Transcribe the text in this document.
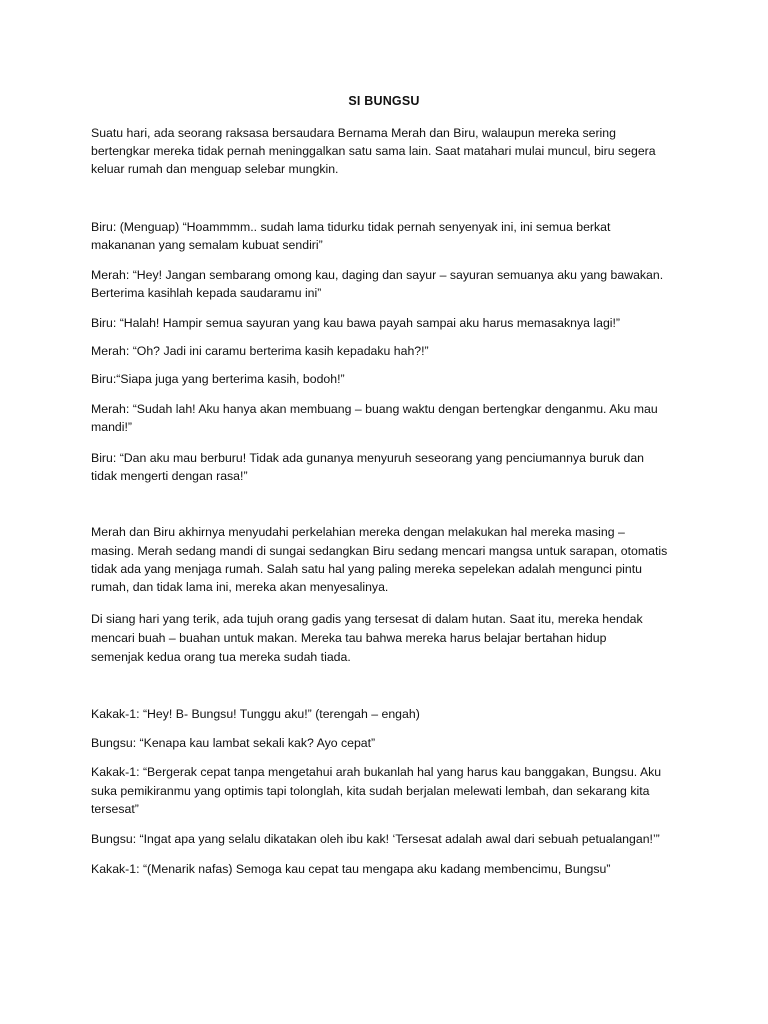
SI BUNGSU
Suatu hari, ada seorang raksasa bersaudara Bernama Merah dan Biru, walaupun mereka sering
bertengkar mereka tidak pernah meninggalkan satu sama lain. Saat matahari mulai muncul, biru segera
keluar rumah dan menguap selebar mungkin.
Biru: (Menguap) “Hoammmm.. sudah lama tidurku tidak pernah senyenyak ini, ini semua berkat
makananan yang semalam kubuat sendiri”
Merah: “Hey! Jangan sembarang omong kau, daging dan sayur – sayuran semuanya aku yang bawakan.
Berterima kasihlah kepada saudaramu ini”
Biru: “Halah! Hampir semua sayuran yang kau bawa payah sampai aku harus memasaknya lagi!”
Merah: “Oh? Jadi ini caramu berterima kasih kepadaku hah?!”
Biru:“Siapa juga yang berterima kasih, bodoh!”
Merah: “Sudah lah! Aku hanya akan membuang – buang waktu dengan bertengkar denganmu. Aku mau
mandi!”
Biru: “Dan aku mau berburu! Tidak ada gunanya menyuruh seseorang yang penciumannya buruk dan
tidak mengerti dengan rasa!”
Merah dan Biru akhirnya menyudahi perkelahian mereka dengan melakukan hal mereka masing –
masing. Merah sedang mandi di sungai sedangkan Biru sedang mencari mangsa untuk sarapan, otomatis
tidak ada yang menjaga rumah. Salah satu hal yang paling mereka sepelekan adalah mengunci pintu
rumah, dan tidak lama ini, mereka akan menyesalinya.
Di siang hari yang terik, ada tujuh orang gadis yang tersesat di dalam hutan. Saat itu, mereka hendak
mencari buah – buahan untuk makan. Mereka tau bahwa mereka harus belajar bertahan hidup
semenjak kedua orang tua mereka sudah tiada.
Kakak-1: “Hey! B- Bungsu! Tunggu aku!” (terengah – engah)
Bungsu: “Kenapa kau lambat sekali kak? Ayo cepat”
Kakak-1: “Bergerak cepat tanpa mengetahui arah bukanlah hal yang harus kau banggakan, Bungsu. Aku
suka pemikiranmu yang optimis tapi tolonglah, kita sudah berjalan melewati lembah, dan sekarang kita
tersesat”
Bungsu: “Ingat apa yang selalu dikatakan oleh ibu kak! ‘Tersesat adalah awal dari sebuah petualangan!’”
Kakak-1: “(Menarik nafas) Semoga kau cepat tau mengapa aku kadang membencimu, Bungsu”
